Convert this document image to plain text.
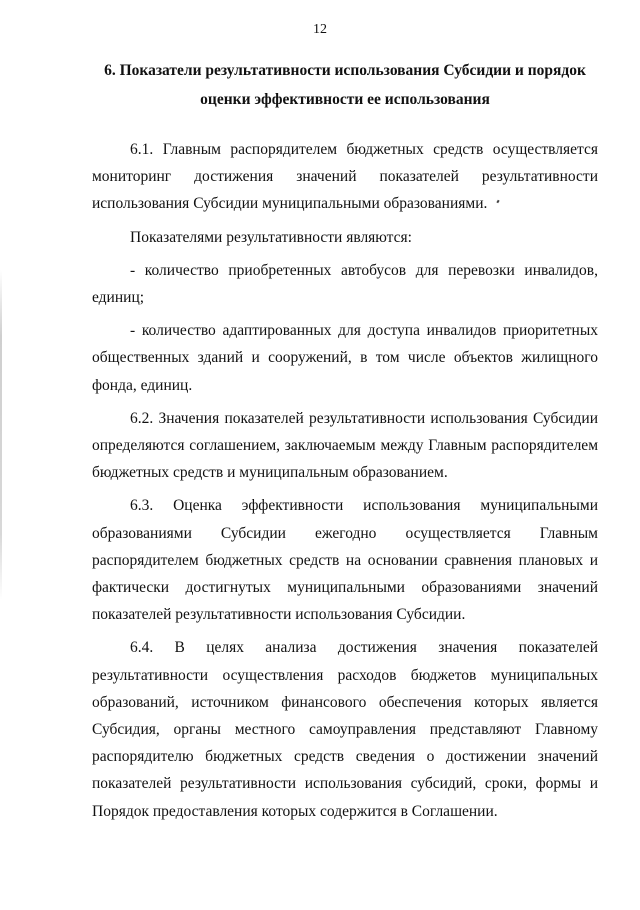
12
6. Показатели результативности использования Субсидии и порядок оценки эффективности ее использования

6.1. Главным распорядителем бюджетных средств осуществляется мониторинг достижения значений показателей результативности использования Субсидии муниципальными образованиями.

Показателями результативности являются:

- количество приобретенных автобусов для перевозки инвалидов, единиц;

- количество адаптированных для доступа инвалидов приоритетных общественных зданий и сооружений, в том числе объектов жилищного фонда, единиц.

6.2. Значения показателей результативности использования Субсидии определяются соглашением, заключаемым между Главным распорядителем бюджетных средств и муниципальным образованием.

6.3. Оценка эффективности использования муниципальными образованиями Субсидии ежегодно осуществляется Главным распорядителем бюджетных средств на основании сравнения плановых и фактически достигнутых муниципальными образованиями значений показателей результативности использования Субсидии.

6.4. В целях анализа достижения значения показателей результативности осуществления расходов бюджетов муниципальных образований, источником финансового обеспечения которых является Субсидия, органы местного самоуправления представляют Главному распорядителю бюджетных средств сведения о достижении значений показателей результативности использования субсидий, сроки, формы и Порядок предоставления которых содержится в Соглашении.
